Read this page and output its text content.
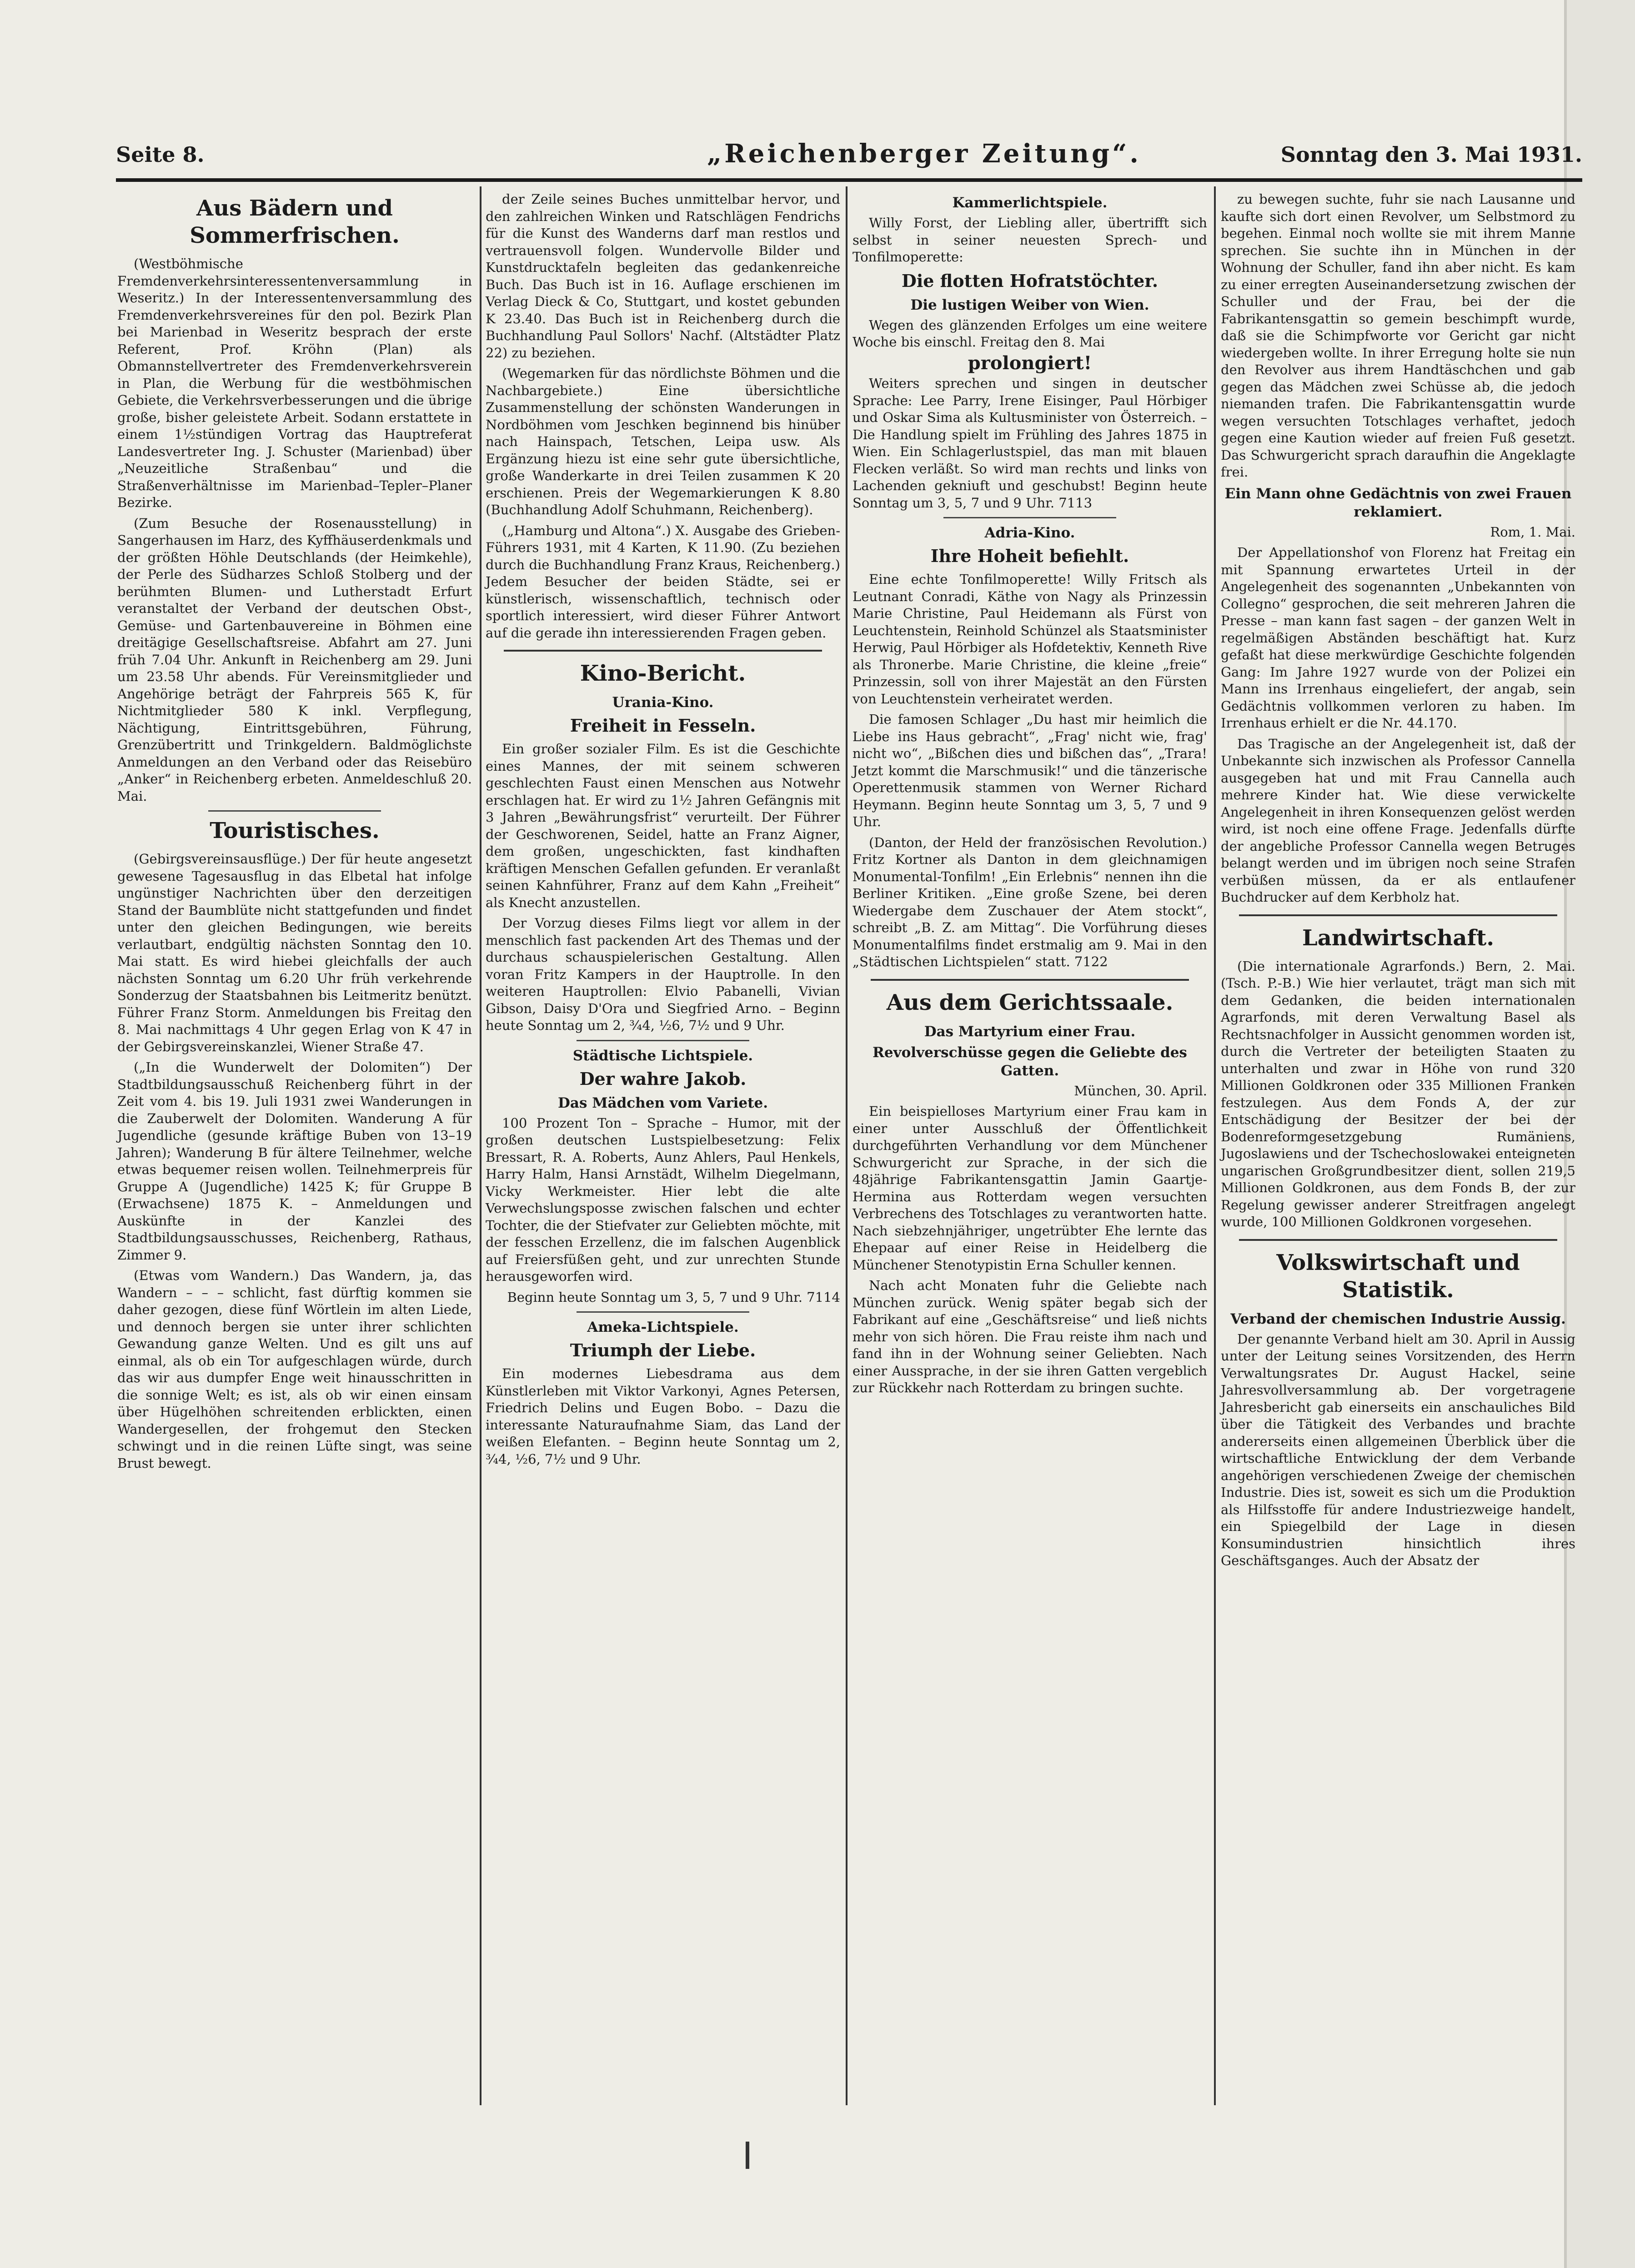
Seite 8.	„Reichenberger Zeitung“.	Sonntag den 3. Mai 1931.
Aus Bädern und Sommerfrischen.

(Westböhmische Fremdenverkehrsinteressentenversammlung in Weseritz.) In der Interessentenversammlung des Fremdenverkehrsvereines für den pol. Bezirk Plan bei Marienbad in Weseritz besprach der erste Referent, Prof. Kröhn (Plan) als Obmannstellvertreter des Fremdenverkehrsverein in Plan, die Werbung für die westböhmischen Gebiete, die Verkehrsverbesserungen und die übrige große, bisher geleistete Arbeit. Sodann erstattete in einem 1½stündigen Vortrag das Hauptreferat Landesvertreter Ing. J. Schuster (Marienbad) über „Neuzeitliche Straßenbau“ und die Straßenverhältnisse im Marienbad–Tepler–Planer Bezirke.

(Zum Besuche der Rosenausstellung) in Sangerhausen im Harz, des Kyffhäuserdenkmals und der größten Höhle Deutschlands (der Heimkehle), der Perle des Südharzes Schloß Stolberg und der berühmten Blumen- und Lutherstadt Erfurt veranstaltet der Verband der deutschen Obst-, Gemüse- und Gartenbauvereine in Böhmen eine dreitägige Gesellschaftsreise. Abfahrt am 27. Juni früh 7.04 Uhr. Ankunft in Reichenberg am 29. Juni um 23.58 Uhr abends. Für Vereinsmitglieder und Angehörige beträgt der Fahrpreis 565 K, für Nichtmitglieder 580 K inkl. Verpflegung, Nächtigung, Eintrittsgebühren, Führung, Grenzübertritt und Trinkgeldern. Baldmöglichste Anmeldungen an den Verband oder das Reisebüro „Anker“ in Reichenberg erbeten. Anmeldeschluß 20. Mai.

Touristisches.

(Gebirgsvereinsausflüge.) Der für heute angesetzt gewesene Tagesausflug in das Elbetal hat infolge ungünstiger Nachrichten über den derzeitigen Stand der Baumblüte nicht stattgefunden und findet unter den gleichen Bedingungen, wie bereits verlautbart, endgültig nächsten Sonntag den 10. Mai statt. Es wird hiebei gleichfalls der auch nächsten Sonntag um 6.20 Uhr früh verkehrende Sonderzug der Staatsbahnen bis Leitmeritz benützt. Führer Franz Storm. Anmeldungen bis Freitag den 8. Mai nachmittags 4 Uhr gegen Erlag von K 47 in der Gebirgsvereinskanzlei, Wiener Straße 47.

(„In die Wunderwelt der Dolomiten“) Der Stadtbildungsausschuß Reichenberg führt in der Zeit vom 4. bis 19. Juli 1931 zwei Wanderungen in die Zauberwelt der Dolomiten. Wanderung A für Jugendliche (gesunde kräftige Buben von 13–19 Jahren); Wanderung B für ältere Teilnehmer, welche etwas bequemer reisen wollen. Teilnehmerpreis für Gruppe A (Jugendliche) 1425 K; für Gruppe B (Erwachsene) 1875 K. – Anmeldungen und Auskünfte in der Kanzlei des Stadtbildungsausschusses, Reichenberg, Rathaus, Zimmer 9.

(Etwas vom Wandern.) Das Wandern, ja, das Wandern – – – schlicht, fast dürftig kommen sie daher gezogen, diese fünf Wörtlein im alten Liede, und dennoch bergen sie unter ihrer schlichten Gewandung ganze Welten. Und es gilt uns auf einmal, als ob ein Tor aufgeschlagen würde, durch das wir aus dumpfer Enge weit hinausschritten in die sonnige Welt; es ist, als ob wir einen einsam über Hügelhöhen schreitenden erblickten, einen Wandergesellen, der frohgemut den Stecken schwingt und in die reinen Lüfte singt, was seine Brust bewegt.

der Zeile seines Buches unmittelbar hervor, und den zahlreichen Winken und Ratschlägen Fendrichs für die Kunst des Wanderns darf man restlos und vertrauensvoll folgen. Wundervolle Bilder und Kunstdrucktafeln begleiten das gedankenreiche Buch. Das Buch ist in 16. Auflage erschienen im Verlag Dieck & Co, Stuttgart, und kostet gebunden K 23.40. Das Buch ist in Reichenberg durch die Buchhandlung Paul Sollors' Nachf. (Altstädter Platz 22) zu beziehen.

(Wegemarken für das nördlichste Böhmen und die Nachbargebiete.) Eine übersichtliche Zusammenstellung der schönsten Wanderungen in Nordböhmen vom Jeschken beginnend bis hinüber nach Hainspach, Tetschen, Leipa usw. Als Ergänzung hiezu ist eine sehr gute übersichtliche, große Wanderkarte in drei Teilen zusammen K 20 erschienen. Preis der Wegemarkierungen K 8.80 (Buchhandlung Adolf Schuhmann, Reichenberg).

(„Hamburg und Altona“.) X. Ausgabe des Grieben-Führers 1931, mit 4 Karten, K 11.90. (Zu beziehen durch die Buchhandlung Franz Kraus, Reichenberg.) Jedem Besucher der beiden Städte, sei er künstlerisch, wissenschaftlich, technisch oder sportlich interessiert, wird dieser Führer Antwort auf die gerade ihn interessierenden Fragen geben.

Kino-Bericht.
Urania-Kino.
Freiheit in Fesseln.

Ein großer sozialer Film. Es ist die Geschichte eines Mannes, der mit seinem schweren geschlechten Faust einen Menschen aus Notwehr erschlagen hat. Er wird zu 1½ Jahren Gefängnis mit 3 Jahren „Bewährungsfrist“ verurteilt. Der Führer der Geschworenen, Seidel, hatte an Franz Aigner, dem großen, ungeschickten, fast kindhaften kräftigen Menschen Gefallen gefunden. Er veranlaßt seinen Kahnführer, Franz auf dem Kahn „Freiheit“ als Knecht anzustellen.

Der Vorzug dieses Films liegt vor allem in der menschlich fast packenden Art des Themas und der durchaus schauspielerischen Gestaltung. Allen voran Fritz Kampers in der Hauptrolle. In den weiteren Hauptrollen: Elvio Pabanelli, Vivian Gibson, Daisy D'Ora und Siegfried Arno. – Beginn heute Sonntag um 2, ¾4, ½6, 7½ und 9 Uhr.

Städtische Lichtspiele.
Der wahre Jakob.
Das Mädchen vom Variete.

100 Prozent Ton – Sprache – Humor, mit der großen deutschen Lustspielbesetzung: Felix Bressart, R. A. Roberts, Aunz Ahlers, Paul Henkels, Harry Halm, Hansi Arnstädt, Wilhelm Diegelmann, Vicky Werkmeister. Hier lebt die alte Verwechslungsposse zwischen falschen und echter Tochter, die der Stiefvater zur Geliebten möchte, mit der fesschen Erzellenz, die im falschen Augenblick auf Freiersfüßen geht, und zur unrechten Stunde herausgeworfen wird.

Beginn heute Sonntag um 3, 5, 7 und 9 Uhr. 7114

Ameka-Lichtspiele.
Triumph der Liebe.

Ein modernes Liebesdrama aus dem Künstlerleben mit Viktor Varkonyi, Agnes Petersen, Friedrich Delins und Eugen Bobo. – Dazu die interessante Naturaufnahme Siam, das Land der weißen Elefanten. – Beginn heute Sonntag um 2, ¾4, ½6, 7½ und 9 Uhr.

Kammerlichtspiele.

Willy Forst, der Liebling aller, übertrifft sich selbst in seiner neuesten Sprech- und Tonfilmoperette:

Die flotten Hofratstöchter.
Die lustigen Weiber von Wien.

Wegen des glänzenden Erfolges um eine weitere Woche bis einschl. Freitag den 8. Mai

prolongiert!

Weiters sprechen und singen in deutscher Sprache: Lee Parry, Irene Eisinger, Paul Hörbiger und Oskar Sima als Kultusminister von Österreich. – Die Handlung spielt im Frühling des Jahres 1875 in Wien. Ein Schlagerlustspiel, das man mit blauen Flecken verläßt. So wird man rechts und links von Lachenden gekniuft und geschubst! Beginn heute Sonntag um 3, 5, 7 und 9 Uhr. 7113

Adria-Kino.
Ihre Hoheit befiehlt.

Eine echte Tonfilmoperette! Willy Fritsch als Leutnant Conradi, Käthe von Nagy als Prinzessin Marie Christine, Paul Heidemann als Fürst von Leuchtenstein, Reinhold Schünzel als Staatsminister Herwig, Paul Hörbiger als Hofdetektiv, Kenneth Rive als Thronerbe. Marie Christine, die kleine „freie“ Prinzessin, soll von ihrer Majestät an den Fürsten von Leuchtenstein verheiratet werden.

Die famosen Schlager „Du hast mir heimlich die Liebe ins Haus gebracht“, „Frag' nicht wie, frag' nicht wo“, „Bißchen dies und bißchen das“, „Trara! Jetzt kommt die Marschmusik!“ und die tänzerische Operettenmusik stammen von Werner Richard Heymann. Beginn heute Sonntag um 3, 5, 7 und 9 Uhr.

(Danton, der Held der französischen Revolution.) Fritz Kortner als Danton in dem gleichnamigen Monumental-Tonfilm! „Ein Erlebnis“ nennen ihn die Berliner Kritiken. „Eine große Szene, bei deren Wiedergabe dem Zuschauer der Atem stockt“, schreibt „B. Z. am Mittag“. Die Vorführung dieses Monumentalfilms findet erstmalig am 9. Mai in den „Städtischen Lichtspielen“ statt. 7122

Aus dem Gerichtssaale.
Das Martyrium einer Frau.
Revolverschüsse gegen die Geliebte des Gatten.

München, 30. April.

Ein beispielloses Martyrium einer Frau kam in einer unter Ausschluß der Öffentlichkeit durchgeführten Verhandlung vor dem Münchener Schwurgericht zur Sprache, in der sich die 48jährige Fabrikantensgattin Jamin Gaartje-Hermina aus Rotterdam wegen versuchten Verbrechens des Totschlages zu verantworten hatte. Nach siebzehnjähriger, ungetrübter Ehe lernte das Ehepaar auf einer Reise in Heidelberg die Münchener Stenotypistin Erna Schuller kennen.

Nach acht Monaten fuhr die Geliebte nach München zurück. Wenig später begab sich der Fabrikant auf eine „Geschäftsreise“ und ließ nichts mehr von sich hören. Die Frau reiste ihm nach und fand ihn in der Wohnung seiner Geliebten. Nach einer Aussprache, in der sie ihren Gatten vergeblich zur Rückkehr nach Rotterdam zu bringen suchte.

zu bewegen suchte, fuhr sie nach Lausanne und kaufte sich dort einen Revolver, um Selbstmord zu begehen. Einmal noch wollte sie mit ihrem Manne sprechen. Sie suchte ihn in München in der Wohnung der Schuller, fand ihn aber nicht. Es kam zu einer erregten Auseinandersetzung zwischen der Schuller und der Frau, bei der die Fabrikantensgattin so gemein beschimpft wurde, daß sie die Schimpfworte vor Gericht gar nicht wiedergeben wollte. In ihrer Erregung holte sie nun den Revolver aus ihrem Handtäschchen und gab gegen das Mädchen zwei Schüsse ab, die jedoch niemanden trafen. Die Fabrikantensgattin wurde wegen versuchten Totschlages verhaftet, jedoch gegen eine Kaution wieder auf freien Fuß gesetzt. Das Schwurgericht sprach daraufhin die Angeklagte frei.

Ein Mann ohne Gedächtnis von zwei Frauen reklamiert.

Rom, 1. Mai.

Der Appellationshof von Florenz hat Freitag ein mit Spannung erwartetes Urteil in der Angelegenheit des sogenannten „Unbekannten von Collegno“ gesprochen, die seit mehreren Jahren die Presse – man kann fast sagen – der ganzen Welt in regelmäßigen Abständen beschäftigt hat. Kurz gefaßt hat diese merkwürdige Geschichte folgenden Gang: Im Jahre 1927 wurde von der Polizei ein Mann ins Irrenhaus eingeliefert, der angab, sein Gedächtnis vollkommen verloren zu haben. Im Irrenhaus erhielt er die Nr. 44.170.

Das Tragische an der Angelegenheit ist, daß der Unbekannte sich inzwischen als Professor Cannella ausgegeben hat und mit Frau Cannella auch mehrere Kinder hat. Wie diese verwickelte Angelegenheit in ihren Konsequenzen gelöst werden wird, ist noch eine offene Frage. Jedenfalls dürfte der angebliche Professor Cannella wegen Betruges belangt werden und im übrigen noch seine Strafen verbüßen müssen, da er als entlaufener Buchdrucker auf dem Kerbholz hat.

Landwirtschaft.

(Die internationale Agrarfonds.) Bern, 2. Mai. (Tsch. P.-B.) Wie hier verlautet, trägt man sich mit dem Gedanken, die beiden internationalen Agrarfonds, mit deren Verwaltung Basel als Rechtsnachfolger in Aussicht genommen worden ist, durch die Vertreter der beteiligten Staaten zu unterhalten und zwar in Höhe von rund 320 Millionen Goldkronen oder 335 Millionen Franken festzulegen. Aus dem Fonds A, der zur Entschädigung der Besitzer der bei der Bodenreformgesetzgebung Rumäniens, Jugoslawiens und der Tschechoslowakei enteigneten ungarischen Großgrundbesitzer dient, sollen 219,5 Millionen Goldkronen, aus dem Fonds B, der zur Regelung gewisser anderer Streitfragen angelegt wurde, 100 Millionen Goldkronen vorgesehen.

Volkswirtschaft und Statistik.
Verband der chemischen Industrie Aussig.

Der genannte Verband hielt am 30. April in Aussig unter der Leitung seines Vorsitzenden, des Herrn Verwaltungsrates Dr. August Hackel, seine Jahresvollversammlung ab. Der vorgetragene Jahresbericht gab einerseits ein anschauliches Bild über die Tätigkeit des Verbandes und brachte andererseits einen allgemeinen Überblick über die wirtschaftliche Entwicklung der dem Verbande angehörigen verschiedenen Zweige der chemischen Industrie. Dies ist, soweit es sich um die Produktion als Hilfsstoffe für andere Industriezweige handelt, ein Spiegelbild der Lage in diesen Konsumindustrien hinsichtlich ihres Geschäftsganges. Auch der Absatz der
